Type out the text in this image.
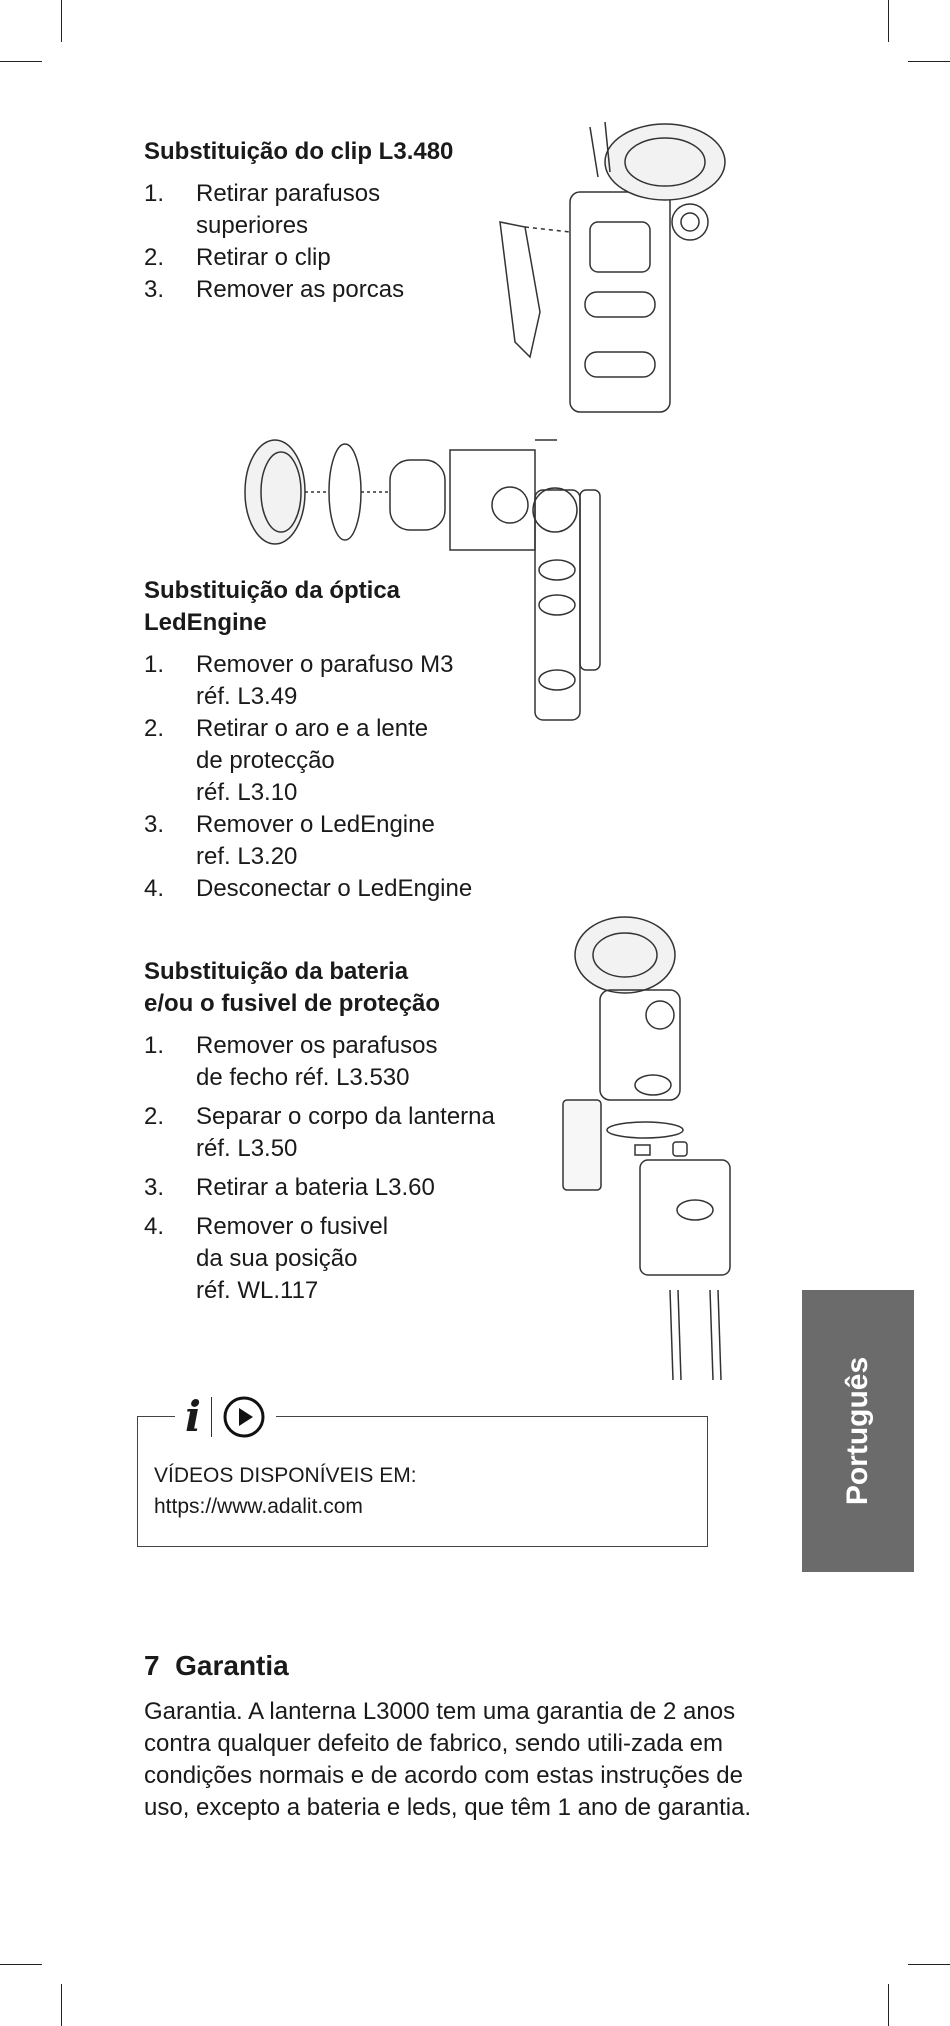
Substituição do clip L3.480
1.	Retirar parafusos
superiores
2.	Retirar o clip
3.	Remover as porcas
Substituição da óptica
LedEngine
1.	Remover o parafuso M3
réf. L3.49
2.	Retirar o aro e a lente
de protecção
réf. L3.10
3.	Remover o LedEngine
ref. L3.20
4.	Desconectar o LedEngine
Substituição da bateria
e/ou o fusivel de proteção
1.	Remover os parafusos
de fecho réf. L3.530
2.	Separar o corpo da lanterna
réf. L3.50
3.	Retirar a bateria L3.60
4.	Remover o fusivel
da sua posição
réf. WL.117
i
VÍDEOS DISPONÍVEIS EM:
https://www.adalit.com
Português
7  Garantia
Garantia. A lanterna L3000 tem uma garantia de 2 anos contra qualquer defeito de fabrico, sendo utili-zada em condições normais e de acordo com estas instruções de uso, excepto a bateria e leds, que têm 1 ano de garantia.
